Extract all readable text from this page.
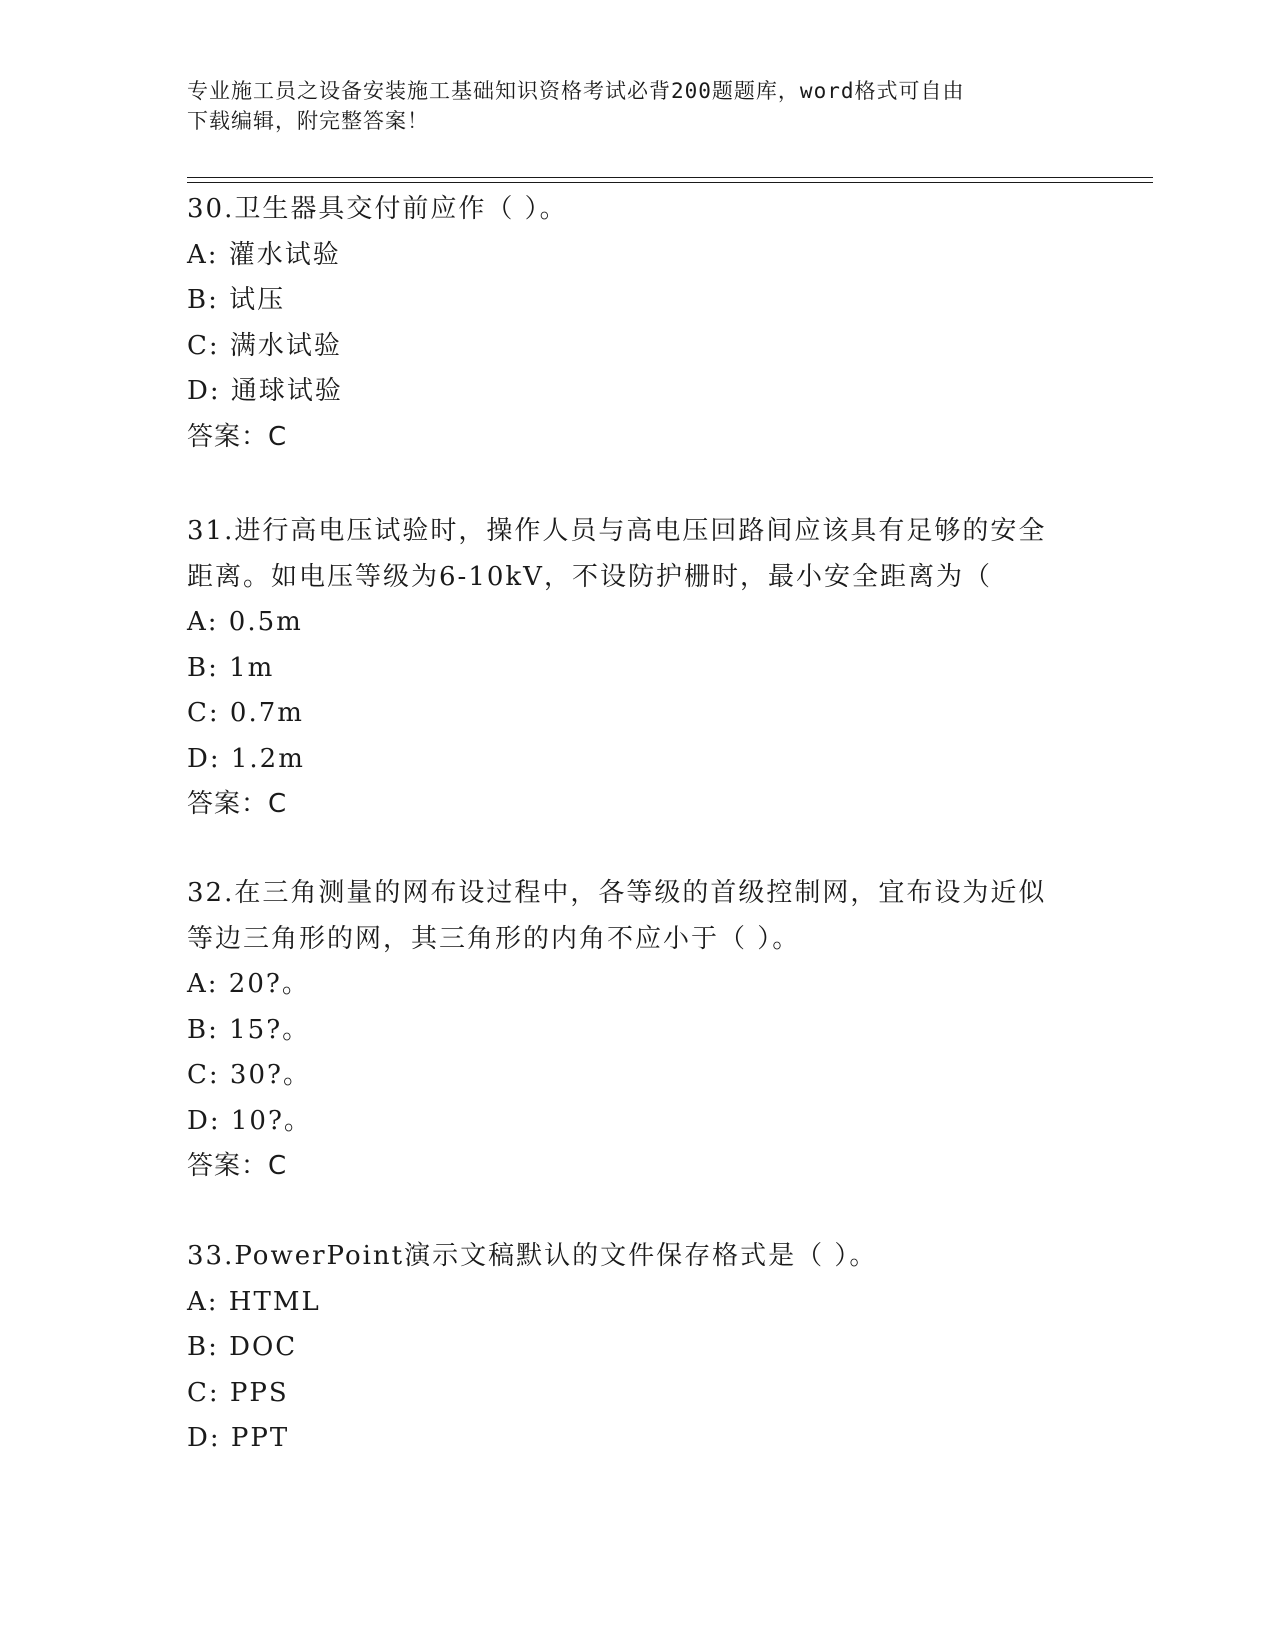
专业施工员之设备安装施工基础知识资格考试必背200题题库，word格式可自由
下载编辑，附完整答案！
30.卫生器具交付前应作（ ）。
A: 灌水试验
B: 试压
C: 满水试验
D: 通球试验
答案：C
31.进行高电压试验时，操作人员与高电压回路间应该具有足够的安全
距离。如电压等级为6-10kV，不设防护栅时，最小安全距离为（
A: 0.5m
B: 1m
C: 0.7m
D: 1.2m
答案：C
32.在三角测量的网布设过程中，各等级的首级控制网，宜布设为近似
等边三角形的网，其三角形的内角不应小于（ ）。
A: 20?。
B: 15?。
C: 30?。
D: 10?。
答案：C
33.PowerPoint演示文稿默认的文件保存格式是（ ）。
A: HTML
B: DOC
C: PPS
D: PPT
